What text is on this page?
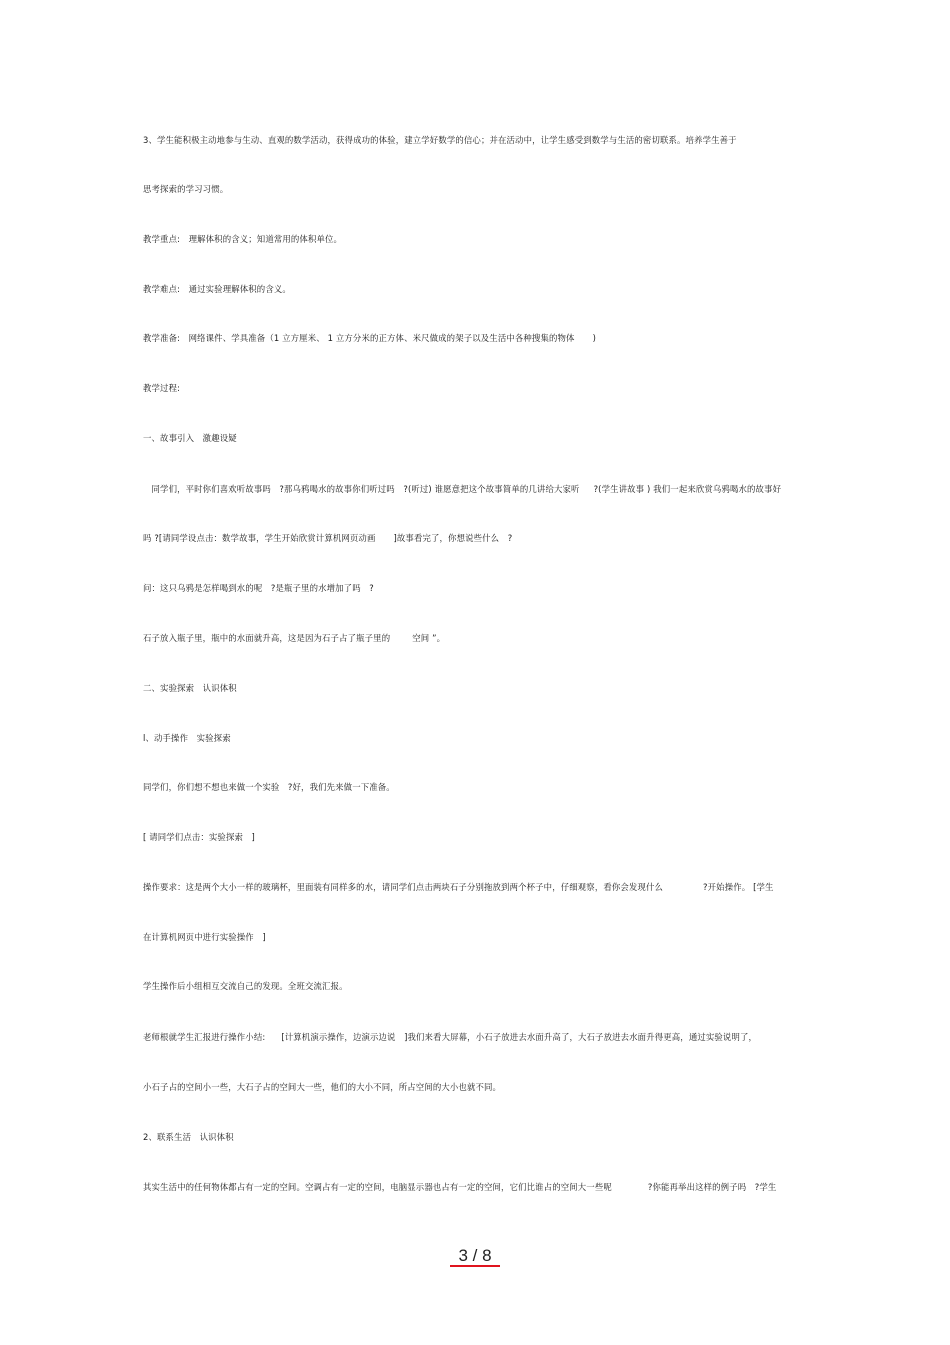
3、学生能积极主动地参与生动、直观的数学活动，获得成功的体验，建立学好数学的信心；并在活动中，让学生感受到数学与生活的密切联系。培养学生善于
思考探索的学习习惯。
教学重点:　理解体积的含义；知道常用的体积单位。
教学难点:　通过实验理解体积的含义。
教学准备:　网络课件、学具准备（1 立方厘米、 1 立方分米的正方体、米尺做成的架子以及生活中各种搜集的物体 )
教学过程:
一、故事引入　激趣设疑
　同学们，平时你们喜欢听故事吗　?那乌鸦喝水的故事你们听过吗　?(听过) 谁愿意把这个故事简单的几讲给大家听 ?(学生讲故事 ) 我们一起来欣赏乌鸦喝水的故事好
吗 ?[请同学设点击：数学故事，学生开始欣赏计算机网页动画 ]故事看完了，你想说些什么　?
问：这只乌鸦是怎样喝到水的呢　?是瓶子里的水增加了吗　?
石子放入瓶子里，瓶中的水面就升高，这是因为石子占了瓶子里的	空间 ”。
二、实验探索　认识体积
l、动手操作　实验探索
同学们，你们想不想也来做一个实验　?好，我们先来做一下准备。
[ 请同学们点击：实验探索　]
操作要求：这是两个大小一样的玻璃杯，里面装有同样多的水，请同学们点击两块石子分别拖放到两个杯子中，仔细观察，看你会发现什么	?开始操作。 [学生
在计算机网页中进行实验操作　]
学生操作后小组相互交流自己的发现。全班交流汇报。
老师根就学生汇报进行操作小结: [计算机演示操作，边演示边说　]我们来看大屏幕，小石子放进去水面升高了，大石子放进去水面升得更高，通过实验说明了，
小石子占的空间小一些，大石子占的空间大一些，他们的大小不同，所占空间的大小也就不同。
2、联系生活　认识体积
其实生活中的任何物体都占有一定的空间。空调占有一定的空间，电脑显示器也占有一定的空间，它们比谁占的空间大一些呢	?你能再举出这样的例子吗　?学生
3 / 8
